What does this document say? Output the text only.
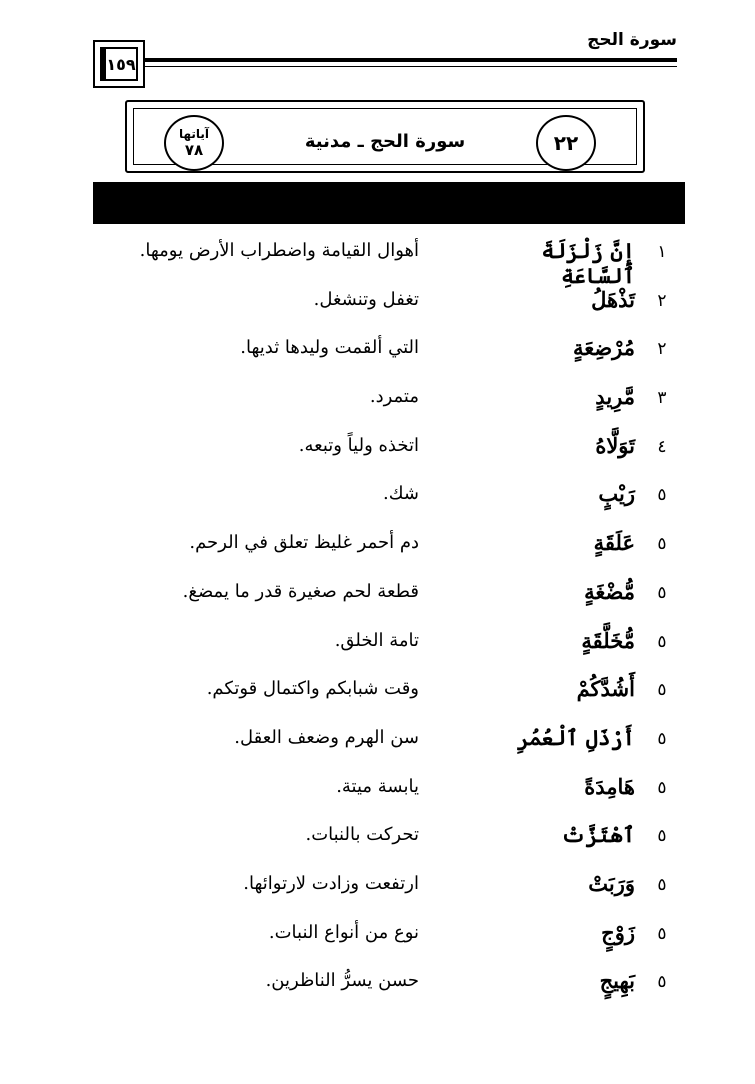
سورة الحج
١٥٩
آياتها
٧٨	سورة الحج ـ مدنية	٢٢
١
إِنَّ زَلْزَلَةَ ٱلسَّاعَةِ
أهوال القيامة واضطراب الأرض يومها.
٢
تَذْهَلُ
تغفل وتنشغل.
٢
مُرْضِعَةٍ
التي ألقمت وليدها ثديها.
٣
مَّرِيدٍ
متمرد.
٤
تَوَلَّاهُ
اتخذه ولياً وتبعه.
٥
رَيْبٍ
شك.
٥
عَلَقَةٍ
دم أحمر غليظ تعلق في الرحم.
٥
مُّضْغَةٍ
قطعة لحم صغيرة قدر ما يمضغ.
٥
مُّخَلَّقَةٍ
تامة الخلق.
٥
أَشُدَّكُمْ
وقت شبابكم واكتمال قوتكم.
٥
أَرْذَلِ ٱلْعُمُرِ
سن الهرم وضعف العقل.
٥
هَامِدَةً
يابسة ميتة.
٥
ٱهْتَزَّتْ
تحركت بالنبات.
٥
وَرَبَتْ
ارتفعت وزادت لارتوائها.
٥
زَوْجٍ
نوع من أنواع النبات.
٥
بَهِيجٍ
حسن يسرُّ الناظرين.
